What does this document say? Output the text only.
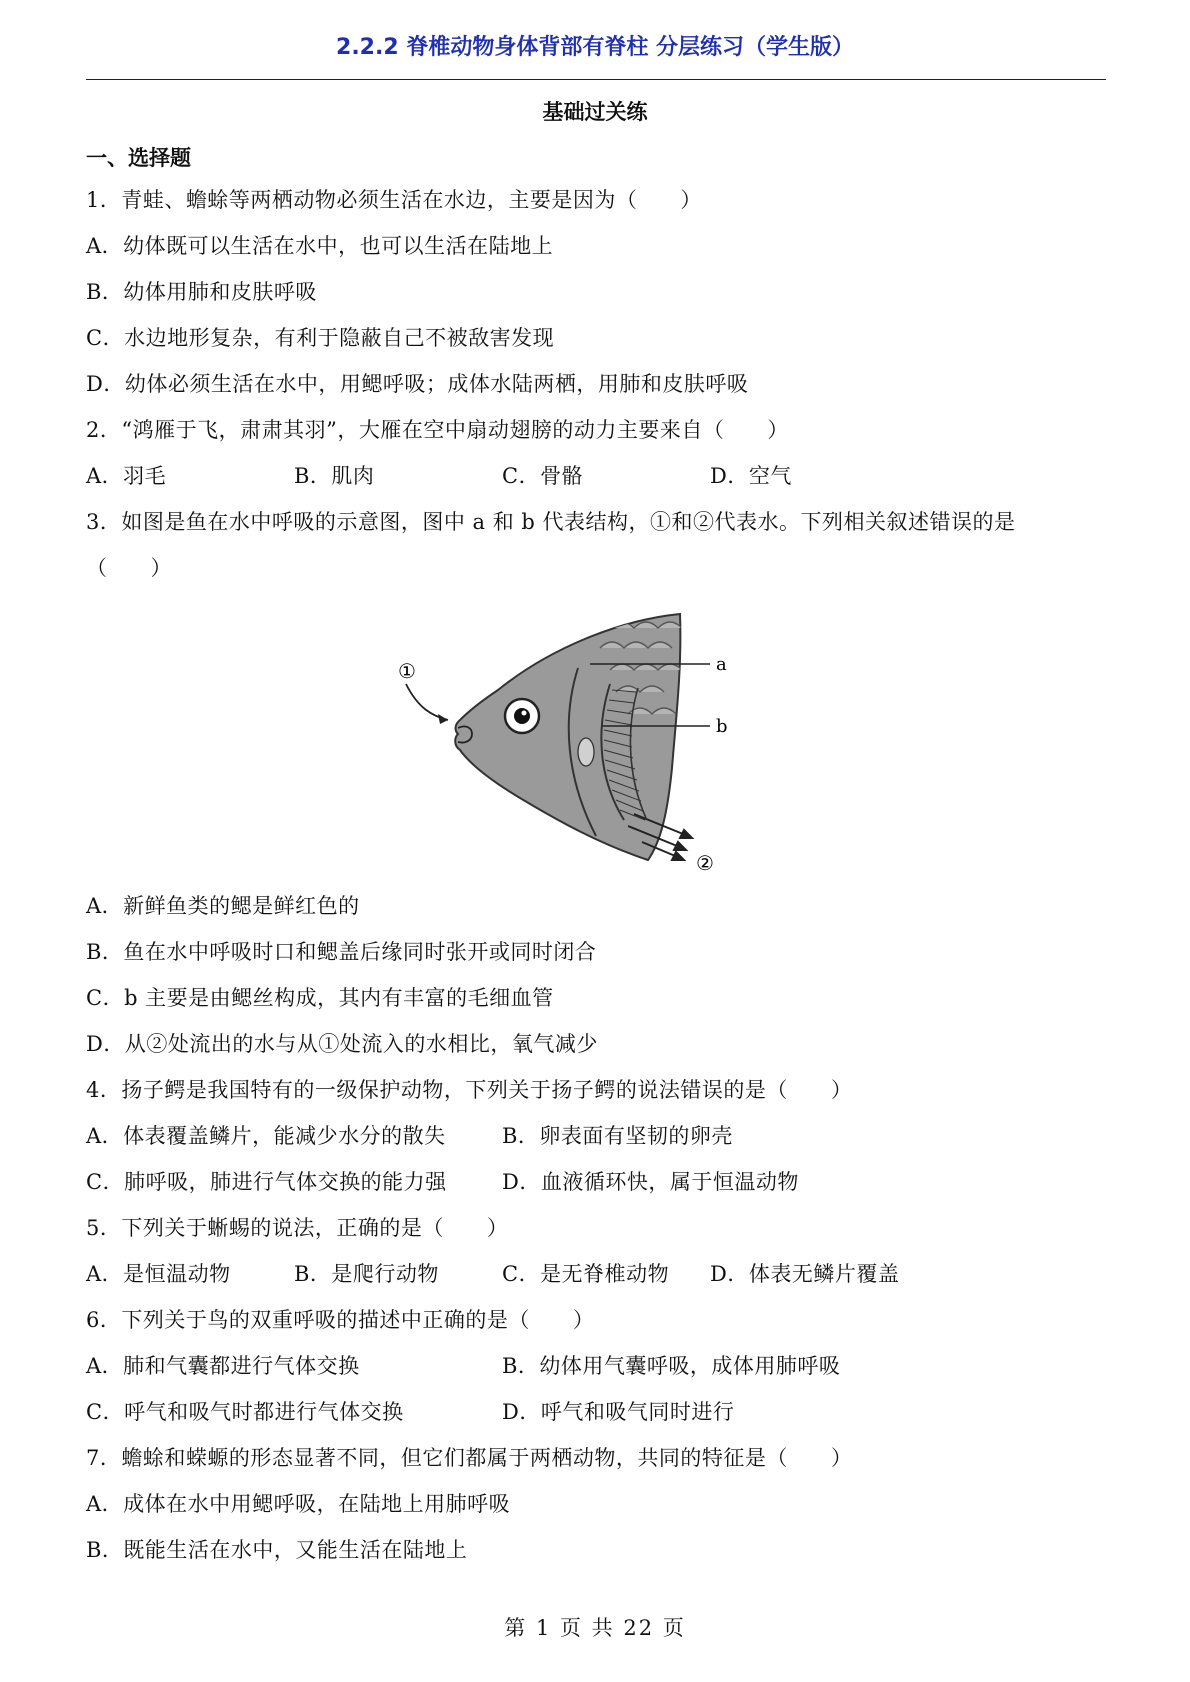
2.2.2 脊椎动物身体背部有脊柱 分层练习（学生版）
基础过关练
一、选择题
1．青蛙、蟾蜍等两栖动物必须生活在水边，主要是因为（　　）
A．幼体既可以生活在水中，也可以生活在陆地上
B．幼体用肺和皮肤呼吸
C．水边地形复杂，有利于隐蔽自己不被敌害发现
D．幼体必须生活在水中，用鳃呼吸；成体水陆两栖，用肺和皮肤呼吸
2．“鸿雁于飞，肃肃其羽”，大雁在空中扇动翅膀的动力主要来自（　　）
A．羽毛	B．肌肉	C．骨骼	D．空气
3．如图是鱼在水中呼吸的示意图，图中 a 和 b 代表结构，①和②代表水。下列相关叙述错误的是
（　　）
①
②
a
b
A．新鲜鱼类的鳃是鲜红色的
B．鱼在水中呼吸时口和鳃盖后缘同时张开或同时闭合
C．b 主要是由鳃丝构成，其内有丰富的毛细血管
D．从②处流出的水与从①处流入的水相比，氧气减少
4．扬子鳄是我国特有的一级保护动物，下列关于扬子鳄的说法错误的是（　　）
A．体表覆盖鳞片，能减少水分的散失	B．卵表面有坚韧的卵壳
C．肺呼吸，肺进行气体交换的能力强	D．血液循环快，属于恒温动物
5．下列关于蜥蜴的说法，正确的是（　　）
A．是恒温动物	B．是爬行动物	C．是无脊椎动物 D．体表无鳞片覆盖
6．下列关于鸟的双重呼吸的描述中正确的是（　　）
A．肺和气囊都进行气体交换	B．幼体用气囊呼吸，成体用肺呼吸
C．呼气和吸气时都进行气体交换	D．呼气和吸气同时进行
7．蟾蜍和蝾螈的形态显著不同，但它们都属于两栖动物，共同的特征是（　　）
A．成体在水中用鳃呼吸，在陆地上用肺呼吸
B．既能生活在水中，又能生活在陆地上
第 1 页 共 22 页
